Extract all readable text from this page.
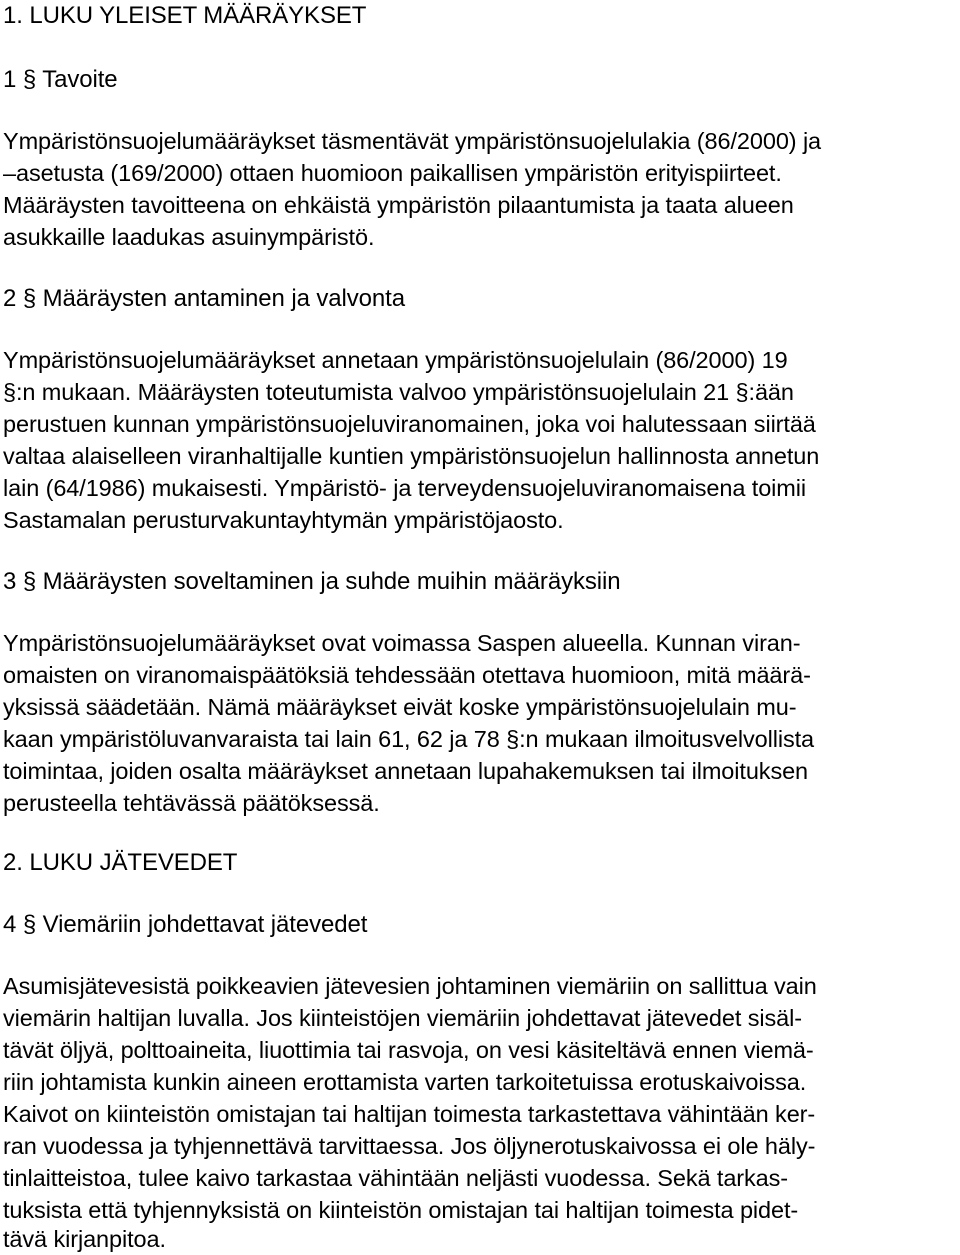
1. LUKU YLEISET MÄÄRÄYKSET

1 § Tavoite

Ympäristönsuojelumääräykset täsmentävät ympäristönsuojelulakia (86/2000) ja

–asetusta (169/2000) ottaen huomioon paikallisen ympäristön erityispiirteet.

Määräysten tavoitteena on ehkäistä ympäristön pilaantumista ja taata alueen

asukkaille laadukas asuinympäristö.

2 § Määräysten antaminen ja valvonta

Ympäristönsuojelumääräykset annetaan ympäristönsuojelulain (86/2000) 19

§:n mukaan. Määräysten toteutumista valvoo ympäristönsuojelulain 21 §:ään

perustuen kunnan ympäristönsuojeluviranomainen, joka voi halutessaan siirtää

valtaa alaiselleen viranhaltijalle kuntien ympäristönsuojelun hallinnosta annetun

lain (64/1986) mukaisesti. Ympäristö- ja terveydensuojeluviranomaisena toimii

Sastamalan perusturvakuntayhtymän ympäristöjaosto.

3 § Määräysten soveltaminen ja suhde muihin määräyksiin

Ympäristönsuojelumääräykset ovat voimassa Saspen alueella. Kunnan viran-

omaisten on viranomaispäätöksiä tehdessään otettava huomioon, mitä määrä-

yksissä säädetään. Nämä määräykset eivät koske ympäristönsuojelulain mu-

kaan ympäristöluvanvaraista tai lain 61, 62 ja 78 §:n mukaan ilmoitusvelvollista

toimintaa, joiden osalta määräykset annetaan lupahakemuksen tai ilmoituksen

perusteella tehtävässä päätöksessä.

2. LUKU JÄTEVEDET

4 § Viemäriin johdettavat jätevedet

Asumisjätevesistä poikkeavien jätevesien johtaminen viemäriin on sallittua vain

viemärin haltijan luvalla. Jos kiinteistöjen viemäriin johdettavat jätevedet sisäl-

tävät öljyä, polttoaineita, liuottimia tai rasvoja, on vesi käsiteltävä ennen viemä-

riin johtamista kunkin aineen erottamista varten tarkoitetuissa erotuskaivoissa.

Kaivot on kiinteistön omistajan tai haltijan toimesta tarkastettava vähintään ker-

ran vuodessa ja tyhjennettävä tarvittaessa. Jos öljynerotuskaivossa ei ole häly-

tinlaitteistoa, tulee kaivo tarkastaa vähintään neljästi vuodessa. Sekä tarkas-

tuksista että tyhjennyksistä on kiinteistön omistajan tai haltijan toimesta pidet-

tävä kirjanpitoa.
